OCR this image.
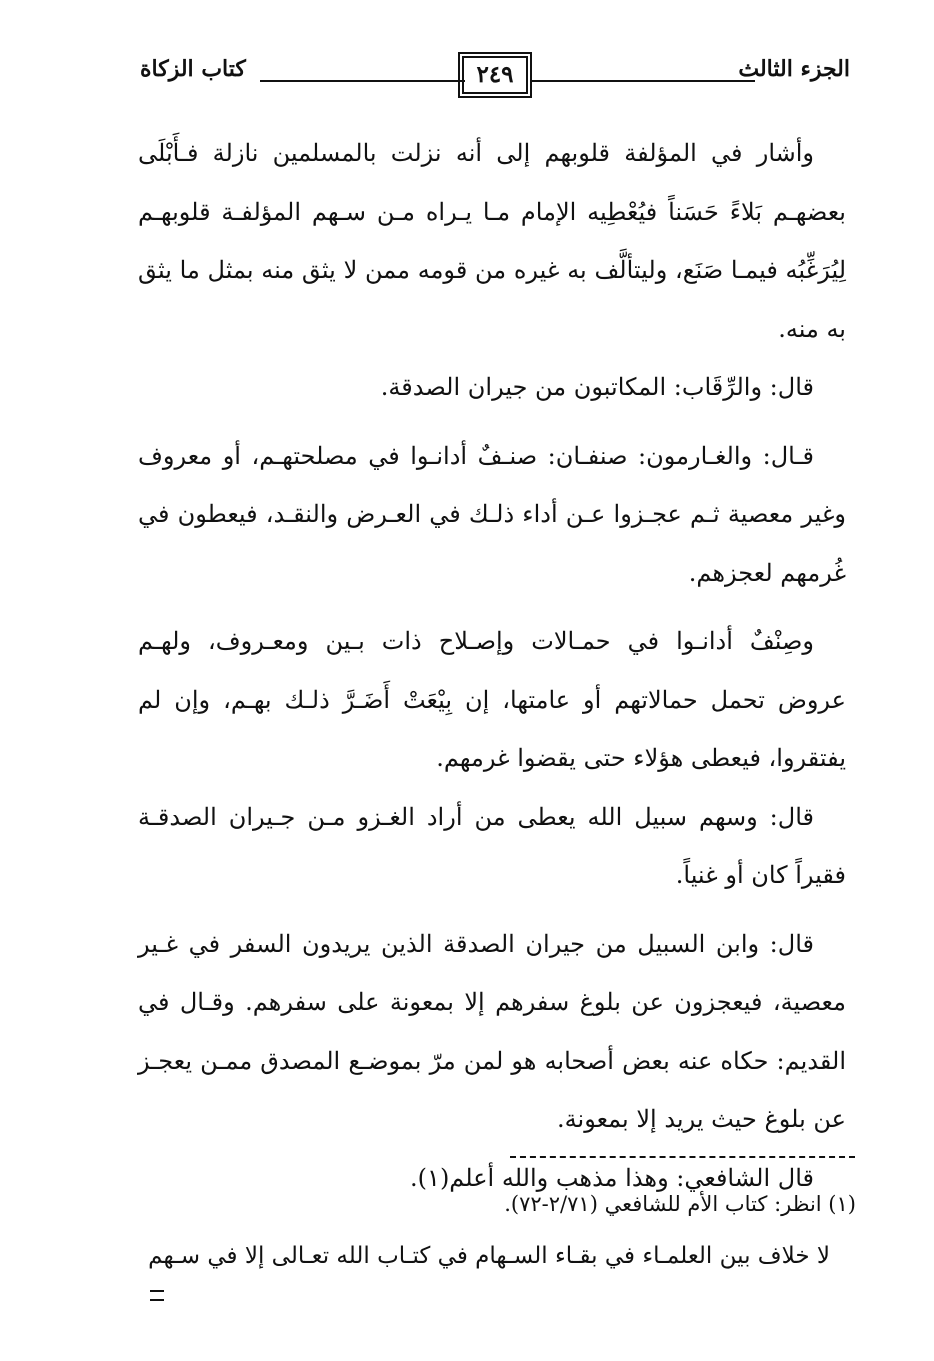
الجزء الثالث
٢٤٩
كتاب الزكاة

وأشار في المؤلفة قلوبهم إلى أنه نزلت بالمسلمين نازلة فـأَبْلَى بعضهـم بَلاءً حَسَناً فيُعْطِيه الإمام مـا يـراه مـن سـهم المؤلفـة قلوبهـم لِيُرَغِّبُه فيمـا صَنَع، وليتألَّف به غيره من قومه ممن لا يثق منه بمثل ما يثق به منه.

قال: والرِّقَاب: المكاتبون من جيران الصدقة.

قـال: والغـارمون: صنفـان: صنـفٌ أدانـوا في مصلحتهـم، أو معروف وغير معصية ثـم عجـزوا عـن أداء ذلـك في العـرض والنقـد، فيعطون في غُرمهم لعجزهم.

وصِنْفٌ أدانـوا في حمـالات وإصـلاح ذات بـين ومعـروف، ولهـم عروض تحمل حمالاتهم أو عامتها، إن بِيْعَتْ أَضَـرَّ ذلـك بهـم، وإن لم يفتقروا، فيعطى هؤلاء حتى يقضوا غرمهم.

قال: وسهم سبيل الله يعطى من أراد الغـزو مـن جـيران الصدقـة فقيراً كان أو غنياً.

قال: وابن السبيل من جيران الصدقة الذين يريدون السفر في غـير معصية، فيعجزون عن بلوغ سفرهم إلا بمعونة على سفرهم. وقـال في القديم: حكاه عنه بعض أصحابه هو لمن مرّ بموضـع المصدق ممـن يعجـز عن بلوغ حيث يريد إلا بمعونة.

قال الشافعي: وهذا مذهب والله أعلم(١).

(١) انظر: كتاب الأم للشافعي (٢/٧١-٧٢).
لا خلاف بين العلمـاء في بقـاء السـهام في كتـاب الله تعـالى إلا في سـهم
